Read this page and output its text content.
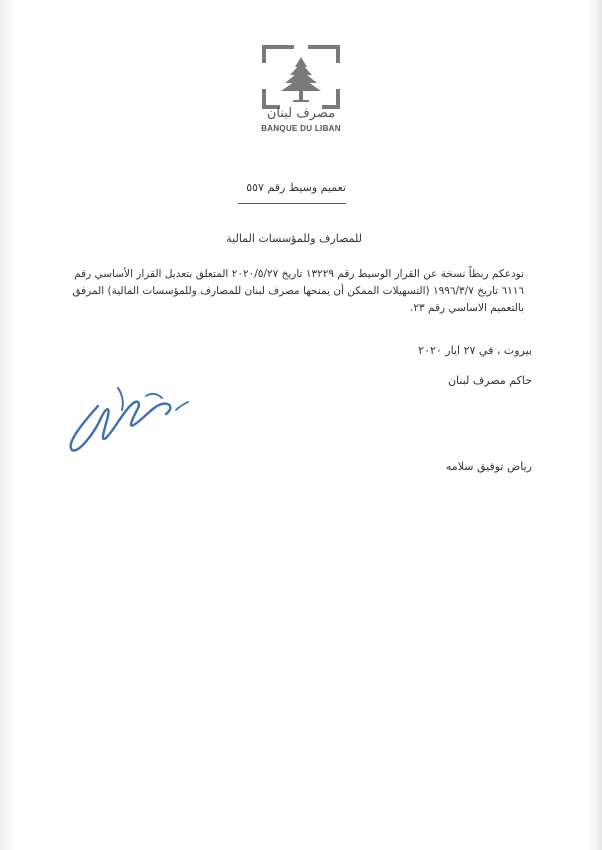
مصرف لبنان
BANQUE DU LIBAN
تعميم وسيط رقم ٥٥٧
للمصارف وللمؤسسات المالية
نودعكم ربطاً نسخة عن القرار الوسيط رقم ١٣٢٢٩ تاريخ ٢٠٢٠/٥/٢٧ المتعلق بتعديل القرار الأساسي رقم ٦١١٦ تاريخ ١٩٩٦/٣/٧ (التسهيلات الممكن أن يمنحها مصرف لبنان للمصارف وللمؤسسات المالية) المرفق بالتعميم الاساسي رقم ٢٣.
بيروت ، في ٢٧ ايار ٢٠٢٠
حاكم مصرف لبنان
رياض توفيق سلامه
